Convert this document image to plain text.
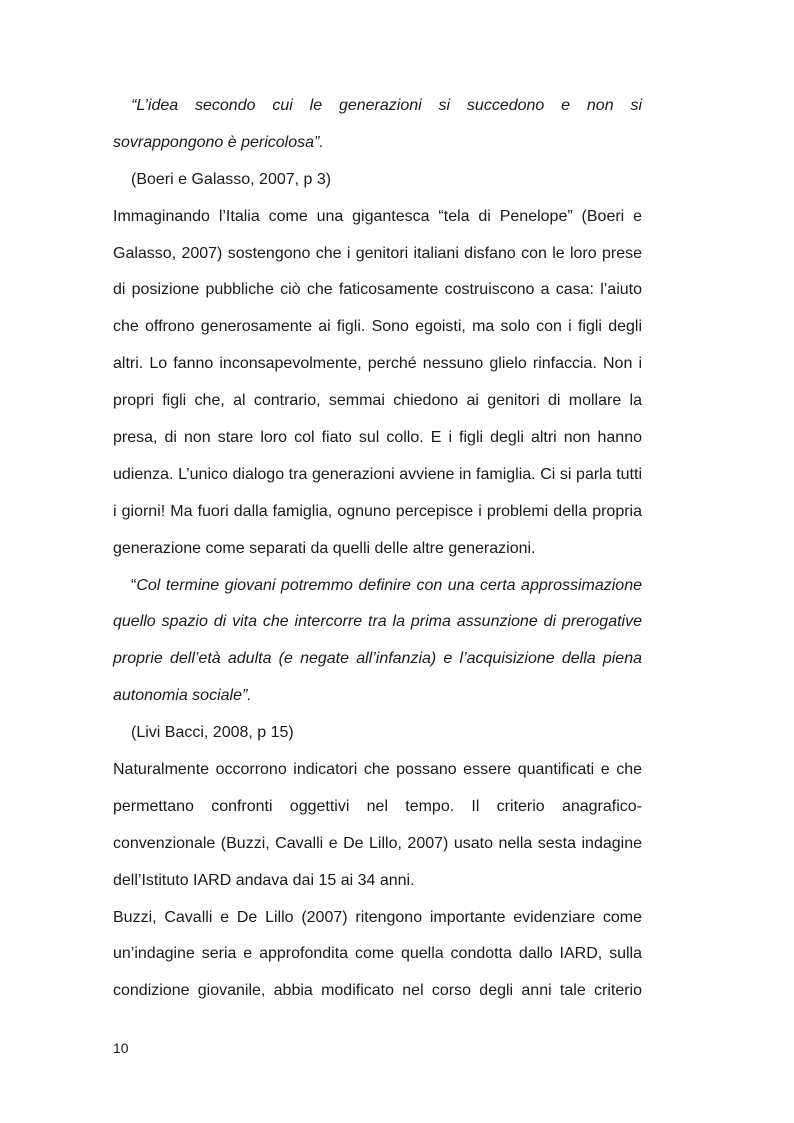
“L’idea secondo cui le generazioni si succedono e non si
sovrappongono è pericolosa”.
(Boeri e Galasso, 2007, p 3)
Immaginando l’Italia come una gigantesca “tela di Penelope” (Boeri e
Galasso, 2007) sostengono che i genitori italiani disfano con le loro prese
di posizione pubbliche ciò che faticosamente costruiscono a casa: l’aiuto
che offrono generosamente ai figli. Sono egoisti, ma solo con i figli degli
altri. Lo fanno inconsapevolmente, perché nessuno glielo rinfaccia. Non i
propri figli che, al contrario, semmai chiedono ai genitori di mollare la
presa, di non stare loro col fiato sul collo. E i figli degli altri non hanno
udienza. L’unico dialogo tra generazioni avviene in famiglia. Ci si parla tutti
i giorni! Ma fuori dalla famiglia, ognuno percepisce i problemi della propria
generazione come separati da quelli delle altre generazioni.
“Col termine giovani potremmo definire con una certa approssimazione
quello spazio di vita che intercorre tra la prima assunzione di prerogative
proprie dell’età adulta (e negate all’infanzia) e l’acquisizione della piena
autonomia sociale”.
(Livi Bacci, 2008, p 15)
Naturalmente occorrono indicatori che possano essere quantificati e che
permettano confronti oggettivi nel tempo. Il criterio anagrafico-
convenzionale (Buzzi, Cavalli e De Lillo, 2007) usato nella sesta indagine
dell’Istituto IARD andava dai 15 ai 34 anni.
Buzzi, Cavalli e De Lillo (2007) ritengono importante evidenziare come
un’indagine seria e approfondita come quella condotta dallo IARD, sulla
condizione giovanile, abbia modificato nel corso degli anni tale criterio
10
